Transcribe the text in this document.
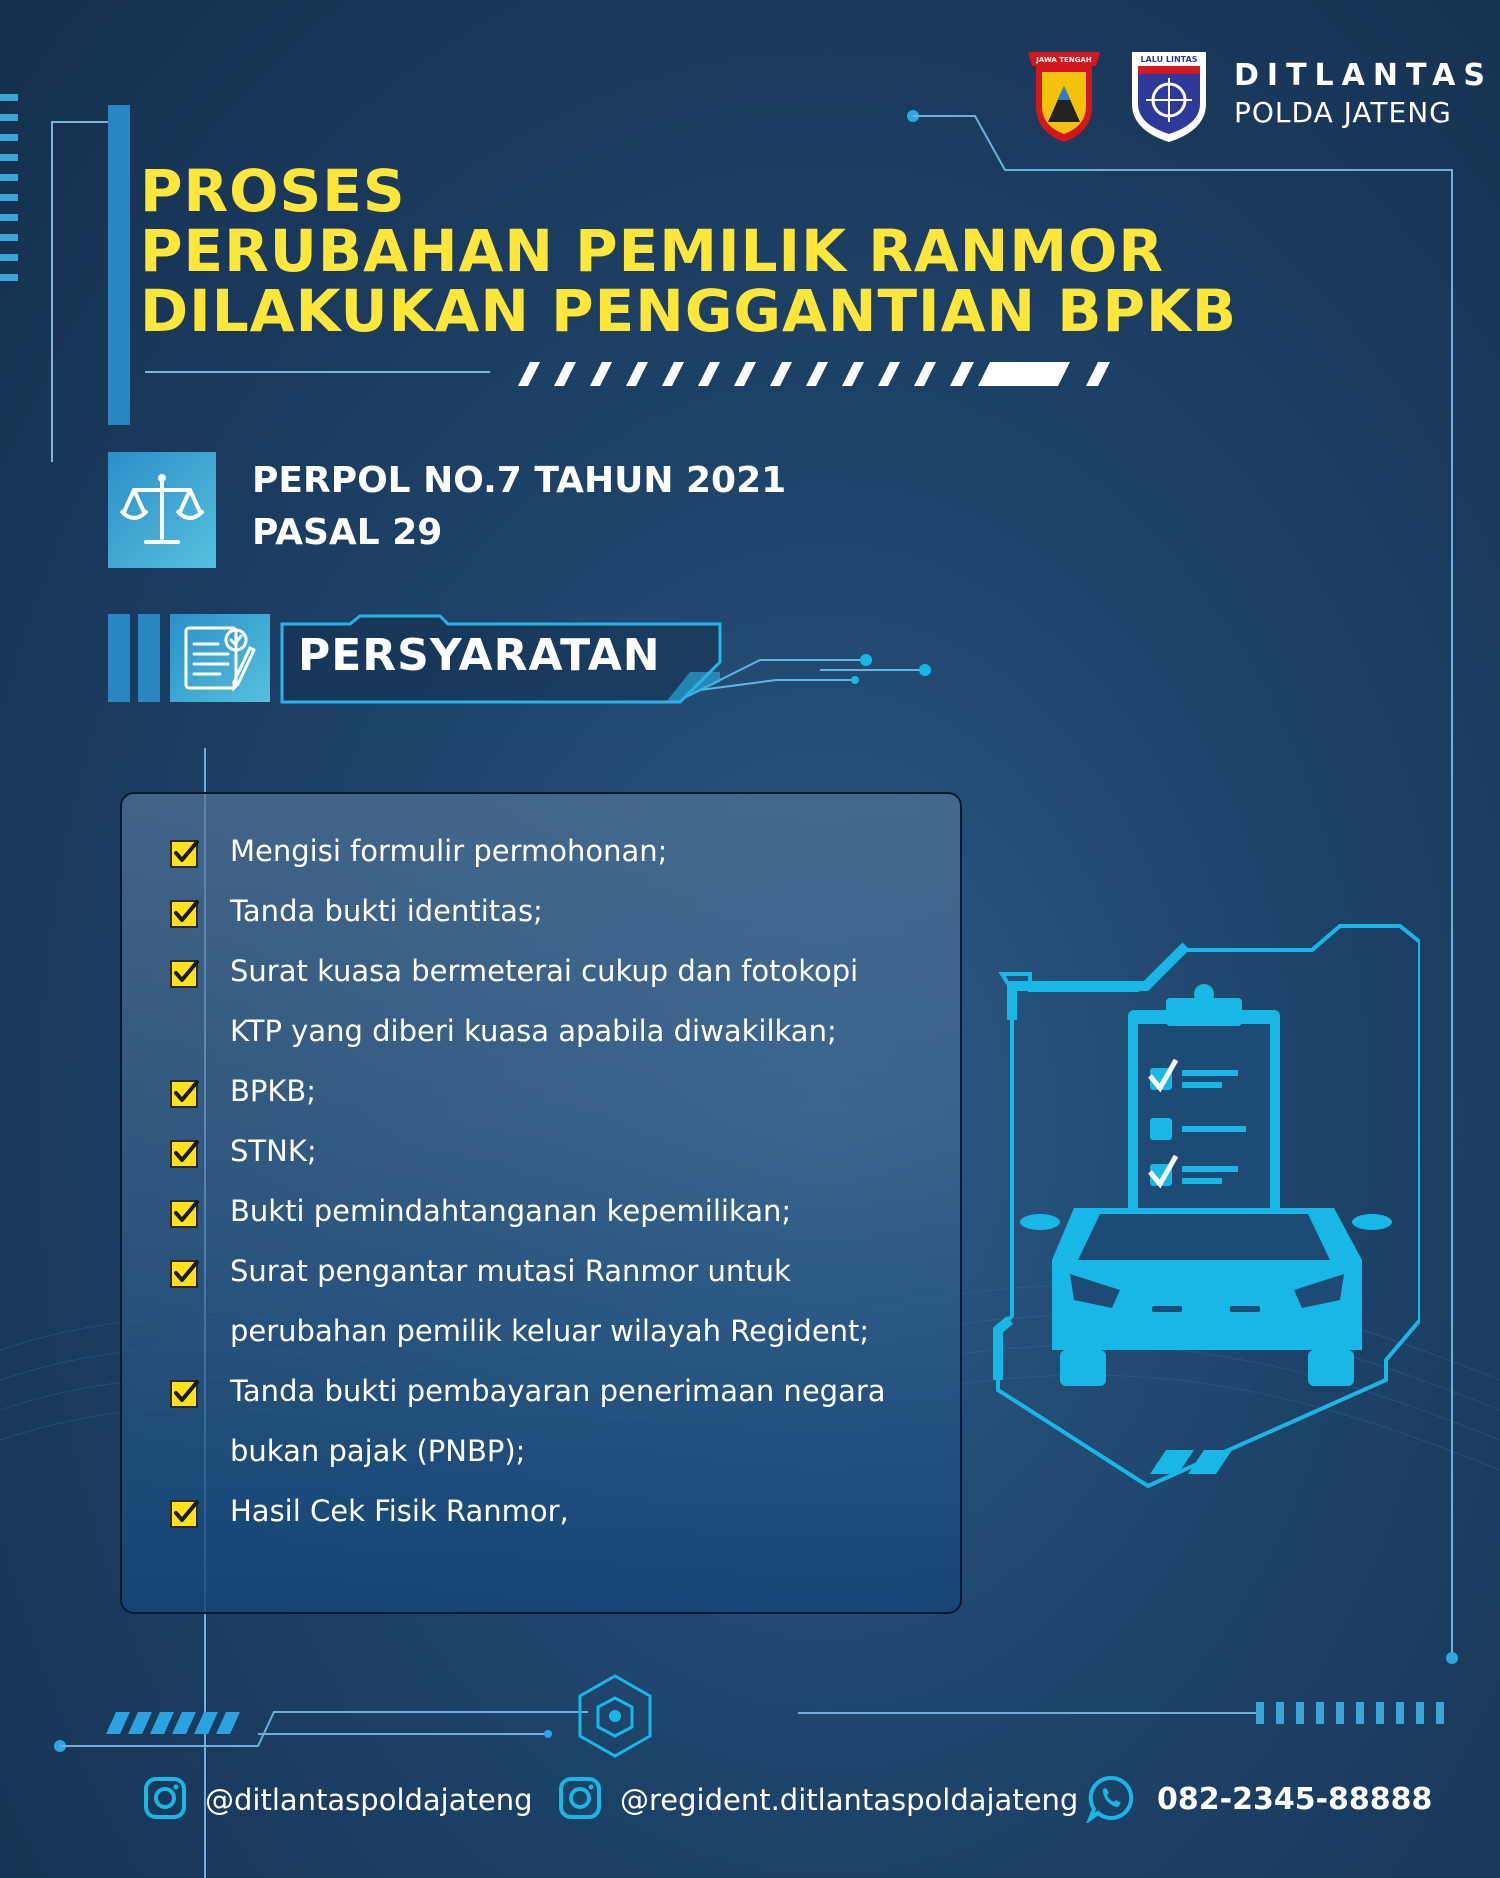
JAWA TENGAH	LALU LINTAS DITLANTAS
POLDA JATENG
PROSES
PERUBAHAN PEMILIK RANMOR
DILAKUKAN PENGGANTIAN BPKB
PERPOL NO.7 TAHUN 2021
PASAL 29
PERSYARATAN
Mengisi formulir permohonan;
Tanda bukti identitas;
Surat kuasa bermeterai cukup dan fotokopi
KTP yang diberi kuasa apabila diwakilkan;
BPKB;
STNK;
Bukti pemindahtanganan kepemilikan;
Surat pengantar mutasi Ranmor untuk
perubahan pemilik keluar wilayah Regident;
Tanda bukti pembayaran penerimaan negara
bukan pajak (PNBP);
Hasil Cek Fisik Ranmor,
@ditlantaspoldajateng	@regident.ditlantaspoldajateng	082-2345-88888
